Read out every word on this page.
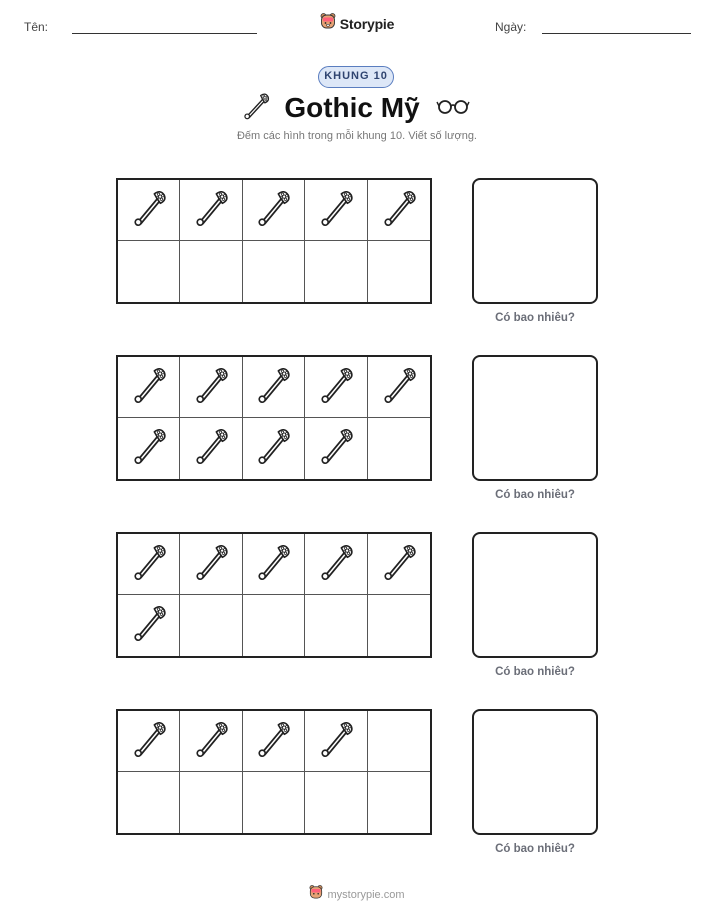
Tên:	Storypie	Ngày:
KHUNG 10
Gothic Mỹ
Đếm các hình trong mỗi khung 10. Viết số lượng.
Có bao nhiêu?
Có bao nhiêu?
Có bao nhiêu?
Có bao nhiêu?
mystorypie.com
